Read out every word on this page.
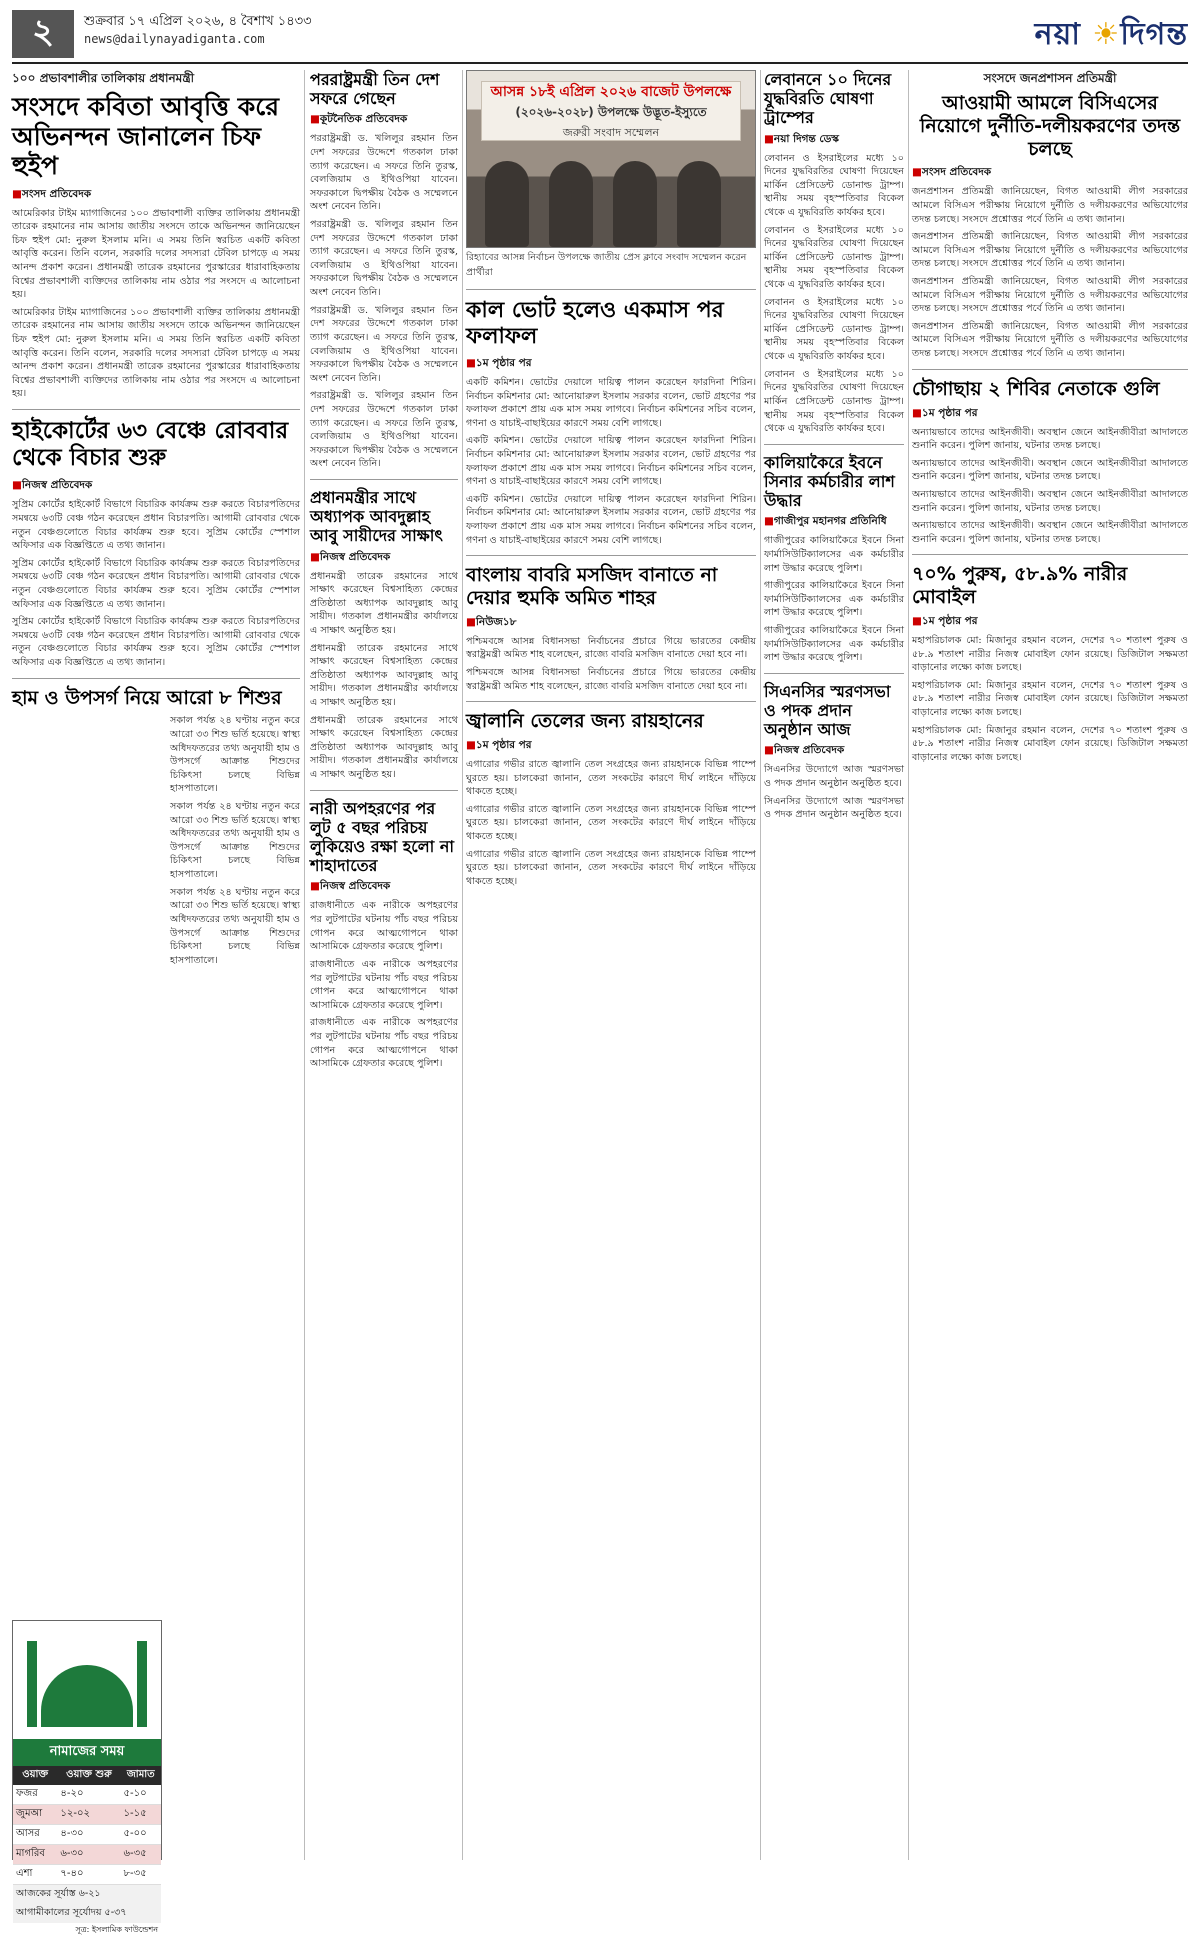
২	শুক্রবার ১৭ এপ্রিল ২০২৬, ৪ বৈশাখ ১৪৩৩
news@dailynayadiganta.com	নয়া ☀দিগন্ত
১০০ প্রভাবশালীর তালিকায় প্রধানমন্ত্রী
সংসদে কবিতা আবৃত্তি করে অভিনন্দন জানালেন চিফ হুইপ
■ সংসদ প্রতিবেদক
আমেরিকার টাইম ম্যাগাজিনের ১০০ প্রভাবশালী ব্যক্তির তালিকায় প্রধানমন্ত্রী তারেক রহমানের নাম আসায় জাতীয় সংসদে তাকে অভিনন্দন জানিয়েছেন চিফ হুইপ মো: নুরুল ইসলাম মনি। এ সময় তিনি স্বরচিত একটি কবিতা আবৃত্তি করেন। তিনি বলেন, সরকারি দলের সদস্যরা টেবিল চাপড়ে এ সময় আনন্দ প্রকাশ করেন। প্রধানমন্ত্রী তারেক রহমানের পুরস্কারের ধারাবাহিকতায় বিশ্বের প্রভাবশালী ব্যক্তিদের তালিকায় নাম ওঠার পর সংসদে এ আলোচনা হয়।
আমেরিকার টাইম ম্যাগাজিনের ১০০ প্রভাবশালী ব্যক্তির তালিকায় প্রধানমন্ত্রী তারেক রহমানের নাম আসায় জাতীয় সংসদে তাকে অভিনন্দন জানিয়েছেন চিফ হুইপ মো: নুরুল ইসলাম মনি। এ সময় তিনি স্বরচিত একটি কবিতা আবৃত্তি করেন। তিনি বলেন, সরকারি দলের সদস্যরা টেবিল চাপড়ে এ সময় আনন্দ প্রকাশ করেন। প্রধানমন্ত্রী তারেক রহমানের পুরস্কারের ধারাবাহিকতায় বিশ্বের প্রভাবশালী ব্যক্তিদের তালিকায় নাম ওঠার পর সংসদে এ আলোচনা হয়।
হাইকোর্টের ৬৩ বেঞ্চে রোববার থেকে বিচার শুরু
■ নিজস্ব প্রতিবেদক
সুপ্রিম কোর্টের হাইকোর্ট বিভাগে বিচারিক কার্যক্রম শুরু করতে বিচারপতিদের সমন্বয়ে ৬৩টি বেঞ্চ গঠন করেছেন প্রধান বিচারপতি। আগামী রোববার থেকে নতুন বেঞ্চগুলোতে বিচার কার্যক্রম শুরু হবে। সুপ্রিম কোর্টের স্পেশাল অফিসার এক বিজ্ঞপ্তিতে এ তথ্য জানান।
সুপ্রিম কোর্টের হাইকোর্ট বিভাগে বিচারিক কার্যক্রম শুরু করতে বিচারপতিদের সমন্বয়ে ৬৩টি বেঞ্চ গঠন করেছেন প্রধান বিচারপতি। আগামী রোববার থেকে নতুন বেঞ্চগুলোতে বিচার কার্যক্রম শুরু হবে। সুপ্রিম কোর্টের স্পেশাল অফিসার এক বিজ্ঞপ্তিতে এ তথ্য জানান।
সুপ্রিম কোর্টের হাইকোর্ট বিভাগে বিচারিক কার্যক্রম শুরু করতে বিচারপতিদের সমন্বয়ে ৬৩টি বেঞ্চ গঠন করেছেন প্রধান বিচারপতি। আগামী রোববার থেকে নতুন বেঞ্চগুলোতে বিচার কার্যক্রম শুরু হবে। সুপ্রিম কোর্টের স্পেশাল অফিসার এক বিজ্ঞপ্তিতে এ তথ্য জানান।
হাম ও উপসর্গ নিয়ে আরো ৮ শিশুর
সকাল পর্যন্ত ২৪ ঘণ্টায় নতুন করে আরো ৩৩ শিশু ভর্তি হয়েছে। স্বাস্থ্য অধিদফতরের তথ্য অনুযায়ী হাম ও উপসর্গে আক্রান্ত শিশুদের চিকিৎসা চলছে বিভিন্ন হাসপাতালে।
সকাল পর্যন্ত ২৪ ঘণ্টায় নতুন করে আরো ৩৩ শিশু ভর্তি হয়েছে। স্বাস্থ্য অধিদফতরের তথ্য অনুযায়ী হাম ও উপসর্গে আক্রান্ত শিশুদের চিকিৎসা চলছে বিভিন্ন হাসপাতালে।
সকাল পর্যন্ত ২৪ ঘণ্টায় নতুন করে আরো ৩৩ শিশু ভর্তি হয়েছে। স্বাস্থ্য অধিদফতরের তথ্য অনুযায়ী হাম ও উপসর্গে আক্রান্ত শিশুদের চিকিৎসা চলছে বিভিন্ন হাসপাতালে।
নামাজের সময়
ওয়াক্ত	ওয়াক্ত শুরু	জামাত
ফজর	৪-২০	৫-১০
জুমআ	১২-০২	১-১৫
আসর	৪-৩০	৫-০০
মাগরিব	৬-৩০	৬-৩৫
এশা	৭-৪০	৮-৩৫
আজকের সূর্যাস্ত ৬-২১
আগামীকালের সূর্যোদয় ৫-৩৭
সূত্র: ইসলামিক ফাউন্ডেশন
পররাষ্ট্রমন্ত্রী তিন দেশ সফরে গেছেন
■ কূটনৈতিক প্রতিবেদক
পররাষ্ট্রমন্ত্রী ড. খলিলুর রহমান তিন দেশ সফরের উদ্দেশে গতকাল ঢাকা ত্যাগ করেছেন। এ সফরে তিনি তুরস্ক, বেলজিয়াম ও ইথিওপিয়া যাবেন। সফরকালে দ্বিপক্ষীয় বৈঠক ও সম্মেলনে অংশ নেবেন তিনি।
পররাষ্ট্রমন্ত্রী ড. খলিলুর রহমান তিন দেশ সফরের উদ্দেশে গতকাল ঢাকা ত্যাগ করেছেন। এ সফরে তিনি তুরস্ক, বেলজিয়াম ও ইথিওপিয়া যাবেন। সফরকালে দ্বিপক্ষীয় বৈঠক ও সম্মেলনে অংশ নেবেন তিনি।
পররাষ্ট্রমন্ত্রী ড. খলিলুর রহমান তিন দেশ সফরের উদ্দেশে গতকাল ঢাকা ত্যাগ করেছেন। এ সফরে তিনি তুরস্ক, বেলজিয়াম ও ইথিওপিয়া যাবেন। সফরকালে দ্বিপক্ষীয় বৈঠক ও সম্মেলনে অংশ নেবেন তিনি।
পররাষ্ট্রমন্ত্রী ড. খলিলুর রহমান তিন দেশ সফরের উদ্দেশে গতকাল ঢাকা ত্যাগ করেছেন। এ সফরে তিনি তুরস্ক, বেলজিয়াম ও ইথিওপিয়া যাবেন। সফরকালে দ্বিপক্ষীয় বৈঠক ও সম্মেলনে অংশ নেবেন তিনি।
প্রধানমন্ত্রীর সাথে অধ্যাপক আবদুল্লাহ আবু সায়ীদের সাক্ষাৎ
■ নিজস্ব প্রতিবেদক
প্রধানমন্ত্রী তারেক রহমানের সাথে সাক্ষাৎ করেছেন বিশ্বসাহিত্য কেন্দ্রের প্রতিষ্ঠাতা অধ্যাপক আবদুল্লাহ আবু সায়ীদ। গতকাল প্রধানমন্ত্রীর কার্যালয়ে এ সাক্ষাৎ অনুষ্ঠিত হয়।
প্রধানমন্ত্রী তারেক রহমানের সাথে সাক্ষাৎ করেছেন বিশ্বসাহিত্য কেন্দ্রের প্রতিষ্ঠাতা অধ্যাপক আবদুল্লাহ আবু সায়ীদ। গতকাল প্রধানমন্ত্রীর কার্যালয়ে এ সাক্ষাৎ অনুষ্ঠিত হয়।
প্রধানমন্ত্রী তারেক রহমানের সাথে সাক্ষাৎ করেছেন বিশ্বসাহিত্য কেন্দ্রের প্রতিষ্ঠাতা অধ্যাপক আবদুল্লাহ আবু সায়ীদ। গতকাল প্রধানমন্ত্রীর কার্যালয়ে এ সাক্ষাৎ অনুষ্ঠিত হয়।
নারী অপহরণের পর লুট ৫ বছর পরিচয় লুকিয়েও রক্ষা হলো না শাহাদাতের
■ নিজস্ব প্রতিবেদক
রাজধানীতে এক নারীকে অপহরণের পর লুটপাটের ঘটনায় পাঁচ বছর পরিচয় গোপন করে আত্মগোপনে থাকা আসামিকে গ্রেফতার করেছে পুলিশ।
রাজধানীতে এক নারীকে অপহরণের পর লুটপাটের ঘটনায় পাঁচ বছর পরিচয় গোপন করে আত্মগোপনে থাকা আসামিকে গ্রেফতার করেছে পুলিশ।
রাজধানীতে এক নারীকে অপহরণের পর লুটপাটের ঘটনায় পাঁচ বছর পরিচয় গোপন করে আত্মগোপনে থাকা আসামিকে গ্রেফতার করেছে পুলিশ।
আসন্ন ১৮ই এপ্রিল ২০২৬ বাজেট উপলক্ষে
(২০২৬-২০২৮) উপলক্ষে উদ্ভূত-ইস্যুতে
জরুরী সংবাদ সম্মেলন
রিহ্যাবের আসন্ন নির্বাচন উপলক্ষে জাতীয় প্রেস ক্লাবে সংবাদ সম্মেলন করেন প্রার্থীরা
কাল ভোট হলেও একমাস পর ফলাফল
■ ১ম পৃষ্ঠার পর
একটি কমিশন। ভোটের দেয়ালে দায়িত্ব পালন করেছেন ফারদিনা শিরিন। নির্বাচন কমিশনার মো: আনোয়ারুল ইসলাম সরকার বলেন, ভোট গ্রহণের পর ফলাফল প্রকাশে প্রায় এক মাস সময় লাগবে। নির্বাচন কমিশনের সচিব বলেন, গণনা ও যাচাই-বাছাইয়ের কারণে সময় বেশি লাগছে।
একটি কমিশন। ভোটের দেয়ালে দায়িত্ব পালন করেছেন ফারদিনা শিরিন। নির্বাচন কমিশনার মো: আনোয়ারুল ইসলাম সরকার বলেন, ভোট গ্রহণের পর ফলাফল প্রকাশে প্রায় এক মাস সময় লাগবে। নির্বাচন কমিশনের সচিব বলেন, গণনা ও যাচাই-বাছাইয়ের কারণে সময় বেশি লাগছে।
একটি কমিশন। ভোটের দেয়ালে দায়িত্ব পালন করেছেন ফারদিনা শিরিন। নির্বাচন কমিশনার মো: আনোয়ারুল ইসলাম সরকার বলেন, ভোট গ্রহণের পর ফলাফল প্রকাশে প্রায় এক মাস সময় লাগবে। নির্বাচন কমিশনের সচিব বলেন, গণনা ও যাচাই-বাছাইয়ের কারণে সময় বেশি লাগছে।
বাংলায় বাবরি মসজিদ বানাতে না দেয়ার হুমকি অমিত শাহর
■ নিউজ১৮
পশ্চিমবঙ্গে আসন্ন বিধানসভা নির্বাচনের প্রচারে গিয়ে ভারতের কেন্দ্রীয় স্বরাষ্ট্রমন্ত্রী অমিত শাহ বলেছেন, রাজ্যে বাবরি মসজিদ বানাতে দেয়া হবে না।
পশ্চিমবঙ্গে আসন্ন বিধানসভা নির্বাচনের প্রচারে গিয়ে ভারতের কেন্দ্রীয় স্বরাষ্ট্রমন্ত্রী অমিত শাহ বলেছেন, রাজ্যে বাবরি মসজিদ বানাতে দেয়া হবে না।
জ্বালানি তেলের জন্য রায়হানের
■ ১ম পৃষ্ঠার পর
এগারোর গভীর রাতে জ্বালানি তেল সংগ্রহের জন্য রায়হানকে বিভিন্ন পাম্পে ঘুরতে হয়। চালকেরা জানান, তেল সংকটের কারণে দীর্ঘ লাইনে দাঁড়িয়ে থাকতে হচ্ছে।
এগারোর গভীর রাতে জ্বালানি তেল সংগ্রহের জন্য রায়হানকে বিভিন্ন পাম্পে ঘুরতে হয়। চালকেরা জানান, তেল সংকটের কারণে দীর্ঘ লাইনে দাঁড়িয়ে থাকতে হচ্ছে।
এগারোর গভীর রাতে জ্বালানি তেল সংগ্রহের জন্য রায়হানকে বিভিন্ন পাম্পে ঘুরতে হয়। চালকেরা জানান, তেল সংকটের কারণে দীর্ঘ লাইনে দাঁড়িয়ে থাকতে হচ্ছে।
লেবাননে ১০ দিনের যুদ্ধবিরতি ঘোষণা ট্রাম্পের
■ নয়া দিগন্ত ডেস্ক
লেবানন ও ইসরাইলের মধ্যে ১০ দিনের যুদ্ধবিরতির ঘোষণা দিয়েছেন মার্কিন প্রেসিডেন্ট ডোনাল্ড ট্রাম্প। স্থানীয় সময় বৃহস্পতিবার বিকেল থেকে এ যুদ্ধবিরতি কার্যকর হবে।
লেবানন ও ইসরাইলের মধ্যে ১০ দিনের যুদ্ধবিরতির ঘোষণা দিয়েছেন মার্কিন প্রেসিডেন্ট ডোনাল্ড ট্রাম্প। স্থানীয় সময় বৃহস্পতিবার বিকেল থেকে এ যুদ্ধবিরতি কার্যকর হবে।
লেবানন ও ইসরাইলের মধ্যে ১০ দিনের যুদ্ধবিরতির ঘোষণা দিয়েছেন মার্কিন প্রেসিডেন্ট ডোনাল্ড ট্রাম্প। স্থানীয় সময় বৃহস্পতিবার বিকেল থেকে এ যুদ্ধবিরতি কার্যকর হবে।
লেবানন ও ইসরাইলের মধ্যে ১০ দিনের যুদ্ধবিরতির ঘোষণা দিয়েছেন মার্কিন প্রেসিডেন্ট ডোনাল্ড ট্রাম্প। স্থানীয় সময় বৃহস্পতিবার বিকেল থেকে এ যুদ্ধবিরতি কার্যকর হবে।
কালিয়াকৈরে ইবনে সিনার কর্মচারীর লাশ উদ্ধার
■ গাজীপুর মহানগর প্রতিনিধি
গাজীপুরের কালিয়াকৈরে ইবনে সিনা ফার্মাসিউটিক্যালসের এক কর্মচারীর লাশ উদ্ধার করেছে পুলিশ।
গাজীপুরের কালিয়াকৈরে ইবনে সিনা ফার্মাসিউটিক্যালসের এক কর্মচারীর লাশ উদ্ধার করেছে পুলিশ।
গাজীপুরের কালিয়াকৈরে ইবনে সিনা ফার্মাসিউটিক্যালসের এক কর্মচারীর লাশ উদ্ধার করেছে পুলিশ।
সিএনসির স্মরণসভা ও পদক প্রদান অনুষ্ঠান আজ
■ নিজস্ব প্রতিবেদক
সিএনসির উদ্যোগে আজ স্মরণসভা ও পদক প্রদান অনুষ্ঠান অনুষ্ঠিত হবে।
সিএনসির উদ্যোগে আজ স্মরণসভা ও পদক প্রদান অনুষ্ঠান অনুষ্ঠিত হবে।
সংসদে জনপ্রশাসন প্রতিমন্ত্রী
আওয়ামী আমলে বিসিএসের নিয়োগে দুর্নীতি-দলীয়করণের তদন্ত চলছে
■ সংসদ প্রতিবেদক
জনপ্রশাসন প্রতিমন্ত্রী জানিয়েছেন, বিগত আওয়ামী লীগ সরকারের আমলে বিসিএস পরীক্ষায় নিয়োগে দুর্নীতি ও দলীয়করণের অভিযোগের তদন্ত চলছে। সংসদে প্রশ্নোত্তর পর্বে তিনি এ তথ্য জানান।
জনপ্রশাসন প্রতিমন্ত্রী জানিয়েছেন, বিগত আওয়ামী লীগ সরকারের আমলে বিসিএস পরীক্ষায় নিয়োগে দুর্নীতি ও দলীয়করণের অভিযোগের তদন্ত চলছে। সংসদে প্রশ্নোত্তর পর্বে তিনি এ তথ্য জানান।
জনপ্রশাসন প্রতিমন্ত্রী জানিয়েছেন, বিগত আওয়ামী লীগ সরকারের আমলে বিসিএস পরীক্ষায় নিয়োগে দুর্নীতি ও দলীয়করণের অভিযোগের তদন্ত চলছে। সংসদে প্রশ্নোত্তর পর্বে তিনি এ তথ্য জানান।
জনপ্রশাসন প্রতিমন্ত্রী জানিয়েছেন, বিগত আওয়ামী লীগ সরকারের আমলে বিসিএস পরীক্ষায় নিয়োগে দুর্নীতি ও দলীয়করণের অভিযোগের তদন্ত চলছে। সংসদে প্রশ্নোত্তর পর্বে তিনি এ তথ্য জানান।
চৌগাছায় ২ শিবির নেতাকে গুলি
■ ১ম পৃষ্ঠার পর
অন্যায়ভাবে তাদের আইনজীবী। অবস্থান জেনে আইনজীবীরা আদালতে শুনানি করেন। পুলিশ জানায়, ঘটনার তদন্ত চলছে।
অন্যায়ভাবে তাদের আইনজীবী। অবস্থান জেনে আইনজীবীরা আদালতে শুনানি করেন। পুলিশ জানায়, ঘটনার তদন্ত চলছে।
অন্যায়ভাবে তাদের আইনজীবী। অবস্থান জেনে আইনজীবীরা আদালতে শুনানি করেন। পুলিশ জানায়, ঘটনার তদন্ত চলছে।
অন্যায়ভাবে তাদের আইনজীবী। অবস্থান জেনে আইনজীবীরা আদালতে শুনানি করেন। পুলিশ জানায়, ঘটনার তদন্ত চলছে।
৭০% পুরুষ, ৫৮.৯% নারীর মোবাইল
■ ১ম পৃষ্ঠার পর
মহাপরিচালক মো: মিজানুর রহমান বলেন, দেশের ৭০ শতাংশ পুরুষ ও ৫৮.৯ শতাংশ নারীর নিজস্ব মোবাইল ফোন রয়েছে। ডিজিটাল সক্ষমতা বাড়ানোর লক্ষ্যে কাজ চলছে।
মহাপরিচালক মো: মিজানুর রহমান বলেন, দেশের ৭০ শতাংশ পুরুষ ও ৫৮.৯ শতাংশ নারীর নিজস্ব মোবাইল ফোন রয়েছে। ডিজিটাল সক্ষমতা বাড়ানোর লক্ষ্যে কাজ চলছে।
মহাপরিচালক মো: মিজানুর রহমান বলেন, দেশের ৭০ শতাংশ পুরুষ ও ৫৮.৯ শতাংশ নারীর নিজস্ব মোবাইল ফোন রয়েছে। ডিজিটাল সক্ষমতা বাড়ানোর লক্ষ্যে কাজ চলছে।
